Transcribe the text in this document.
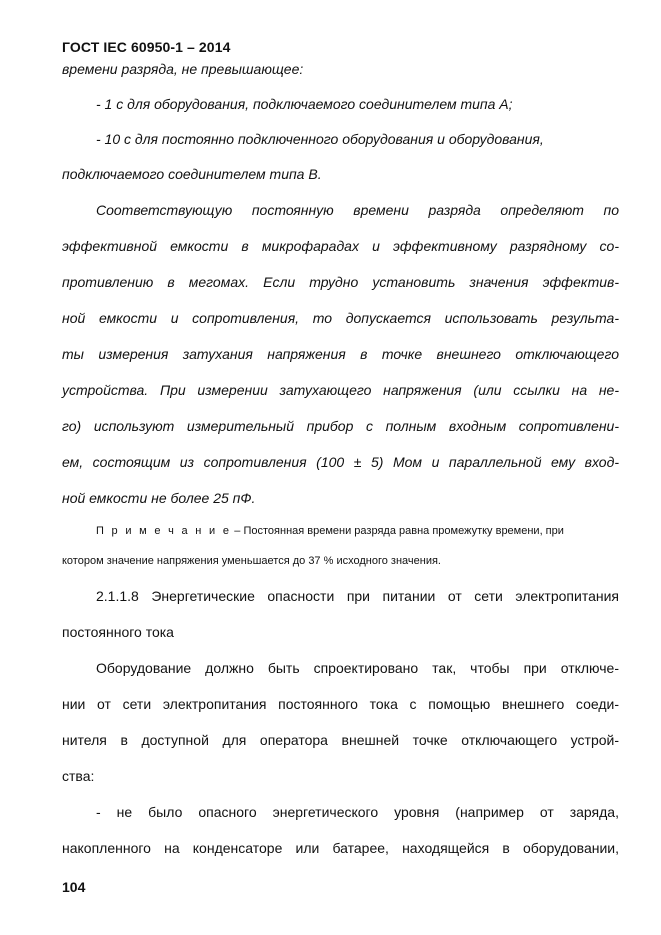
ГОСТ IEC 60950-1 – 2014
времени разряда, не превышающее:
- 1 с для оборудования, подключаемого соединителем типа А;
- 10 с для постоянно подключенного оборудования и оборудования,
подключаемого соединителем типа В.
Соответствующую постоянную времени разряда определяют по
эффективной емкости в микрофарадах и эффективному разрядному со-
противлению в мегомах. Если трудно установить значения эффектив-
ной емкости и сопротивления, то допускается использовать результа-
ты измерения затухания напряжения в точке внешнего отключающего
устройства. При измерении затухающего напряжения (или ссылки на не-
го) используют измерительный прибор с полным входным сопротивлени-
ем, состоящим из сопротивления (100 ± 5) Мом и параллельной ему вход-
ной емкости не более 25 пФ.
П р и м е ч а н и е – Постоянная времени разряда равна промежутку времени, при
котором значение напряжения уменьшается до 37 % исходного значения.
2.1.1.8 Энергетические опасности при питании от сети электропитания
постоянного тока
Оборудование должно быть спроектировано так, чтобы при отключе-
нии от сети электропитания постоянного тока с помощью внешнего соеди-
нителя в доступной для оператора внешней точке отключающего устрой-
ства:
- не было опасного энергетического уровня (например от заряда,
накопленного на конденсаторе или батарее, находящейся в оборудовании,
104
